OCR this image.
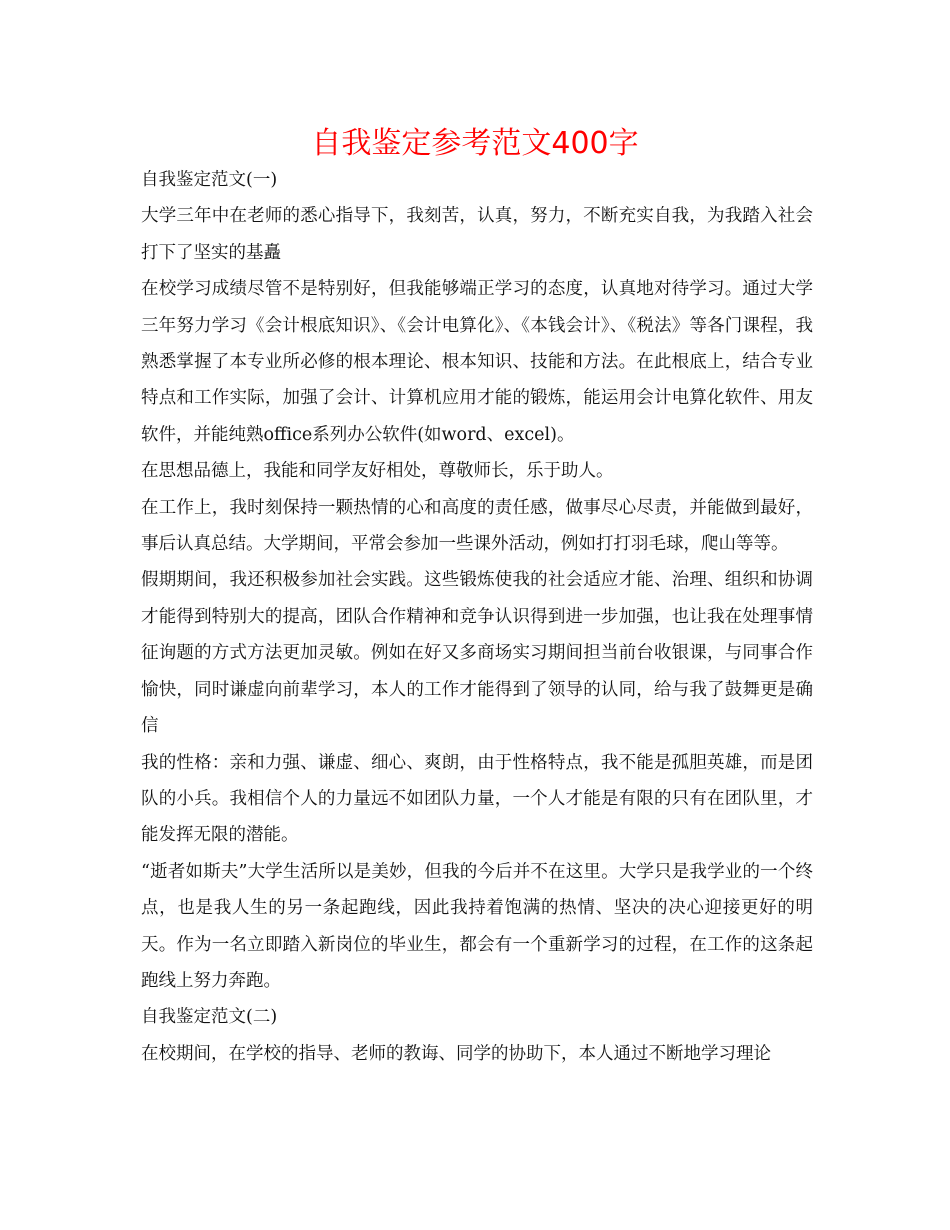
自我鉴定参考范文400字

自我鉴定范文(一)

大学三年中在老师的悉心指导下，我刻苦，认真，努力，不断充实自我，为我踏入社会打下了坚实的基矗

在校学习成绩尽管不是特别好，但我能够端正学习的态度，认真地对待学习。通过大学三年努力学习《会计根底知识》、《会计电算化》、《本钱会计》、《税法》等各门课程，我熟悉掌握了本专业所必修的根本理论、根本知识、技能和方法。在此根底上，结合专业特点和工作实际，加强了会计、计算机应用才能的锻炼，能运用会计电算化软件、用友软件，并能纯熟office系列办公软件(如word、excel)。

在思想品德上，我能和同学友好相处，尊敬师长，乐于助人。

在工作上，我时刻保持一颗热情的心和高度的责任感，做事尽心尽责，并能做到最好，事后认真总结。大学期间，平常会参加一些课外活动，例如打打羽毛球，爬山等等。

假期期间，我还积极参加社会实践。这些锻炼使我的社会适应才能、治理、组织和协调才能得到特别大的提高，团队合作精神和竞争认识得到进一步加强，也让我在处理事情征询题的方式方法更加灵敏。例如在好又多商场实习期间担当前台收银课，与同事合作愉快，同时谦虚向前辈学习，本人的工作才能得到了领导的认同，给与我了鼓舞更是确信

我的性格：亲和力强、谦虚、细心、爽朗，由于性格特点，我不能是孤胆英雄，而是团队的小兵。我相信个人的力量远不如团队力量，一个人才能是有限的只有在团队里，才能发挥无限的潜能。

“逝者如斯夫”大学生活所以是美妙，但我的今后并不在这里。大学只是我学业的一个终点，也是我人生的另一条起跑线，因此我持着饱满的热情、坚决的决心迎接更好的明天。作为一名立即踏入新岗位的毕业生，都会有一个重新学习的过程，在工作的这条起跑线上努力奔跑。

自我鉴定范文(二)

在校期间，在学校的指导、老师的教诲、同学的协助下，本人通过不断地学习理论
